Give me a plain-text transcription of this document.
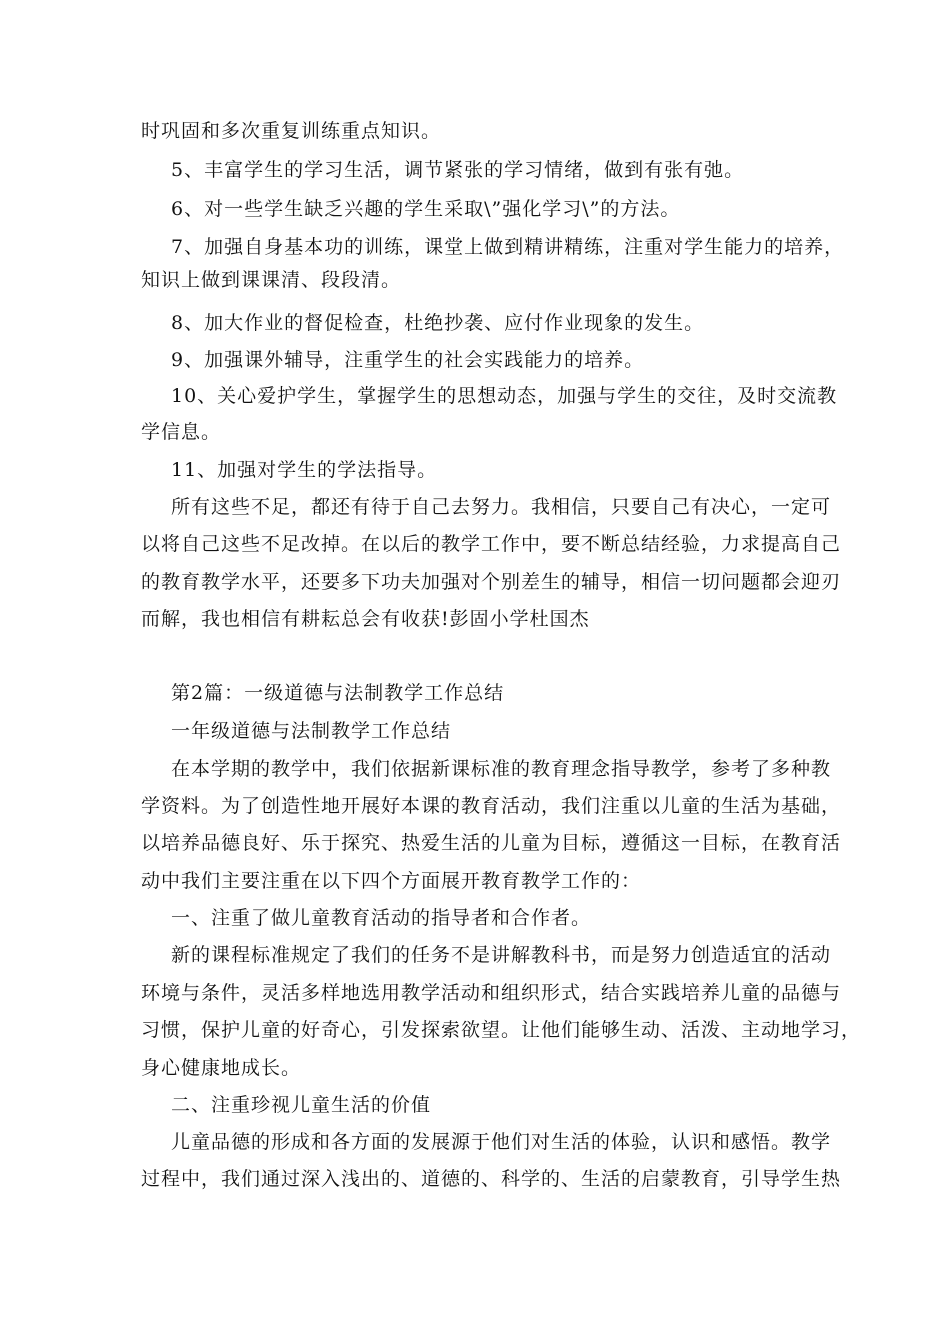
时巩固和多次重复训练重点知识。
5、丰富学生的学习生活，调节紧张的学习情绪，做到有张有弛。
6、对一些学生缺乏兴趣的学生采取\”强化学习\”的方法。
7、加强自身基本功的训练，课堂上做到精讲精练，注重对学生能力的培养，
知识上做到课课清、段段清。
8、加大作业的督促检查，杜绝抄袭、应付作业现象的发生。
9、加强课外辅导，注重学生的社会实践能力的培养。
10、关心爱护学生，掌握学生的思想动态，加强与学生的交往，及时交流教
学信息。
11、加强对学生的学法指导。
所有这些不足，都还有待于自己去努力。我相信，只要自己有决心，一定可
以将自己这些不足改掉。在以后的教学工作中，要不断总结经验，力求提高自己
的教育教学水平，还要多下功夫加强对个别差生的辅导，相信一切问题都会迎刃
而解，我也相信有耕耘总会有收获!彭固小学杜国杰
第2篇：一级道德与法制教学工作总结
一年级道德与法制教学工作总结
在本学期的教学中，我们依据新课标准的教育理念指导教学，参考了多种教
学资料。为了创造性地开展好本课的教育活动，我们注重以儿童的生活为基础，
以培养品德良好、乐于探究、热爱生活的儿童为目标，遵循这一目标，在教育活
动中我们主要注重在以下四个方面展开教育教学工作的：
一、注重了做儿童教育活动的指导者和合作者。
新的课程标准规定了我们的任务不是讲解教科书，而是努力创造适宜的活动
环境与条件，灵活多样地选用教学活动和组织形式，结合实践培养儿童的品德与
习惯，保护儿童的好奇心，引发探索欲望。让他们能够生动、活泼、主动地学习，
身心健康地成长。
二、注重珍视儿童生活的价值
儿童品德的形成和各方面的发展源于他们对生活的体验，认识和感悟。教学
过程中，我们通过深入浅出的、道德的、科学的、生活的启蒙教育，引导学生热
